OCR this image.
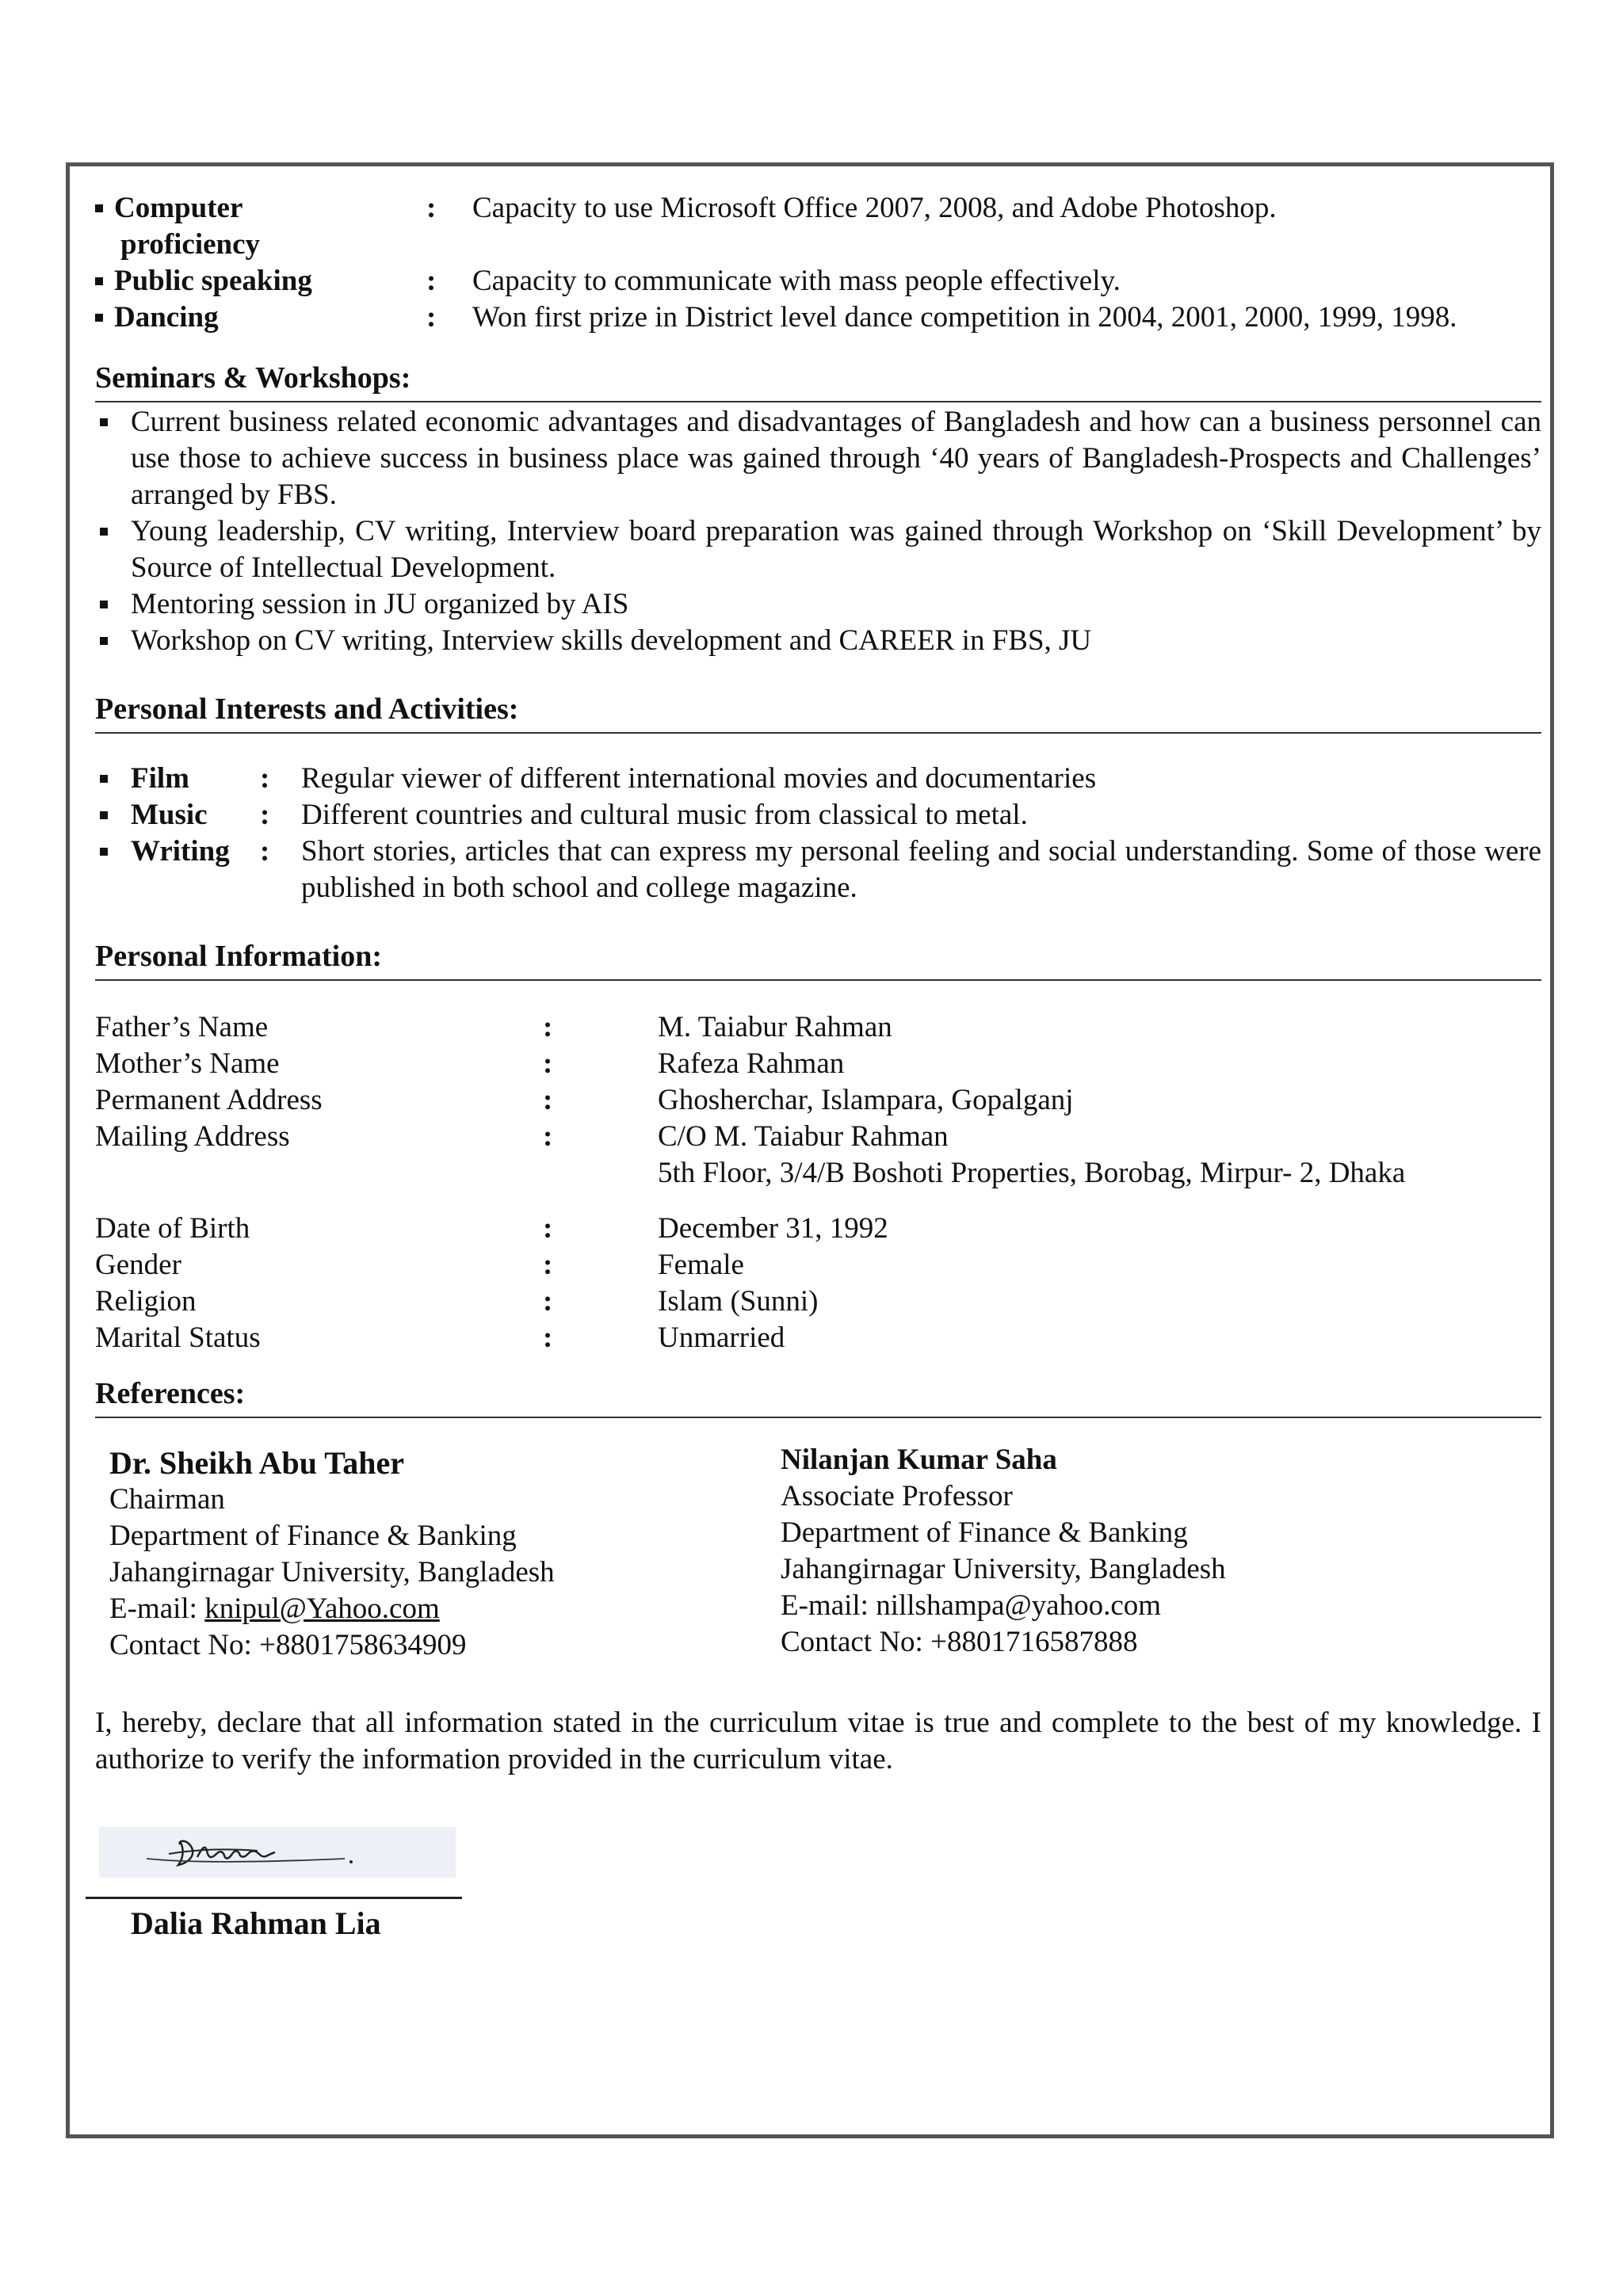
Computer
proficiency
:	Capacity to use Microsoft Office 2007, 2008, and Adobe Photoshop.
Public speaking	:	Capacity to communicate with mass people effectively.
Dancing	:	Won first prize in District level dance competition in 2004, 2001, 2000, 1999, 1998.
Seminars & Workshops:
Current business related economic advantages and disadvantages of Bangladesh and how can a business personnel can use those to achieve success in business place was gained through ‘40 years of Bangladesh-Prospects and Challenges’ arranged by FBS.
Young leadership, CV writing, Interview board preparation was gained through Workshop on ‘Skill Development’ by Source of Intellectual Development.
Mentoring session in JU organized by AIS
Workshop on CV writing, Interview skills development and CAREER in FBS, JU
Personal Interests and Activities:
Film	:	Regular viewer of different international movies and documentaries
Music	:	Different countries and cultural music from classical to metal.
Writing	:	Short stories, articles that can express my personal feeling and social understanding. Some of those were published in both school and college magazine.
Personal Information:
Father’s Name	:	M. Taiabur Rahman
Mother’s Name	:	Rafeza Rahman
Permanent Address	:	Ghosherchar, Islampara, Gopalganj
Mailing Address	:	C/O M. Taiabur Rahman
5th Floor, 3/4/B Boshoti Properties, Borobag, Mirpur- 2, Dhaka
Date of Birth	:	December 31, 1992
Gender	:	Female
Religion	:	Islam (Sunni)
Marital Status	:	Unmarried
References:
Dr. Sheikh Abu Taher
Chairman
Department of Finance & Banking
Jahangirnagar University, Bangladesh
E-mail: knipul@Yahoo.com
Contact No: +8801758634909
Nilanjan Kumar Saha
Associate Professor
Department of Finance & Banking
Jahangirnagar University, Bangladesh
E-mail: nillshampa@yahoo.com
Contact No: +8801716587888
I, hereby, declare that all information stated in the curriculum vitae is true and complete to the best of my knowledge. I authorize to verify the information provided in the curriculum vitae.
Dalia Rahman Lia
